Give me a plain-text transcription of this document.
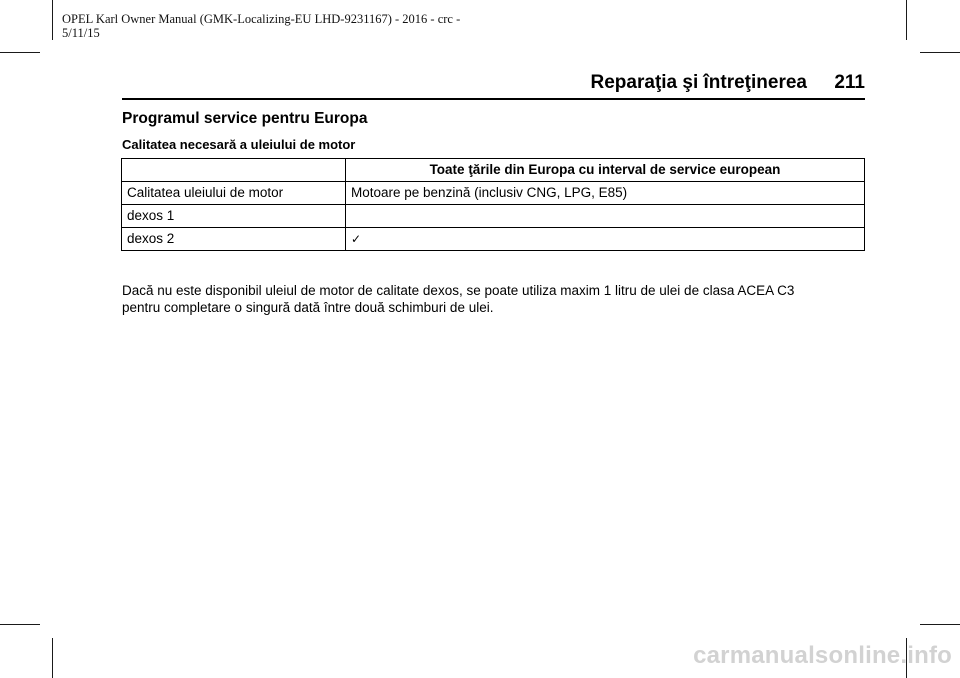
OPEL Karl Owner Manual (GMK-Localizing-EU LHD-9231167) - 2016 - crc -
5/11/15
Reparaţia şi întreţinerea 211
Programul service pentru Europa
Calitatea necesară a uleiului de motor
	Toate ţările din Europa cu interval de service european
Calitatea uleiului de motor	Motoare pe benzină (inclusiv CNG, LPG, E85)
dexos 1	
dexos 2	✓
Dacă nu este disponibil uleiul de motor de calitate dexos, se poate utiliza maxim 1 litru de ulei de clasa ACEA C3
pentru completare o singură dată între două schimburi de ulei.
carmanualsonline.info
